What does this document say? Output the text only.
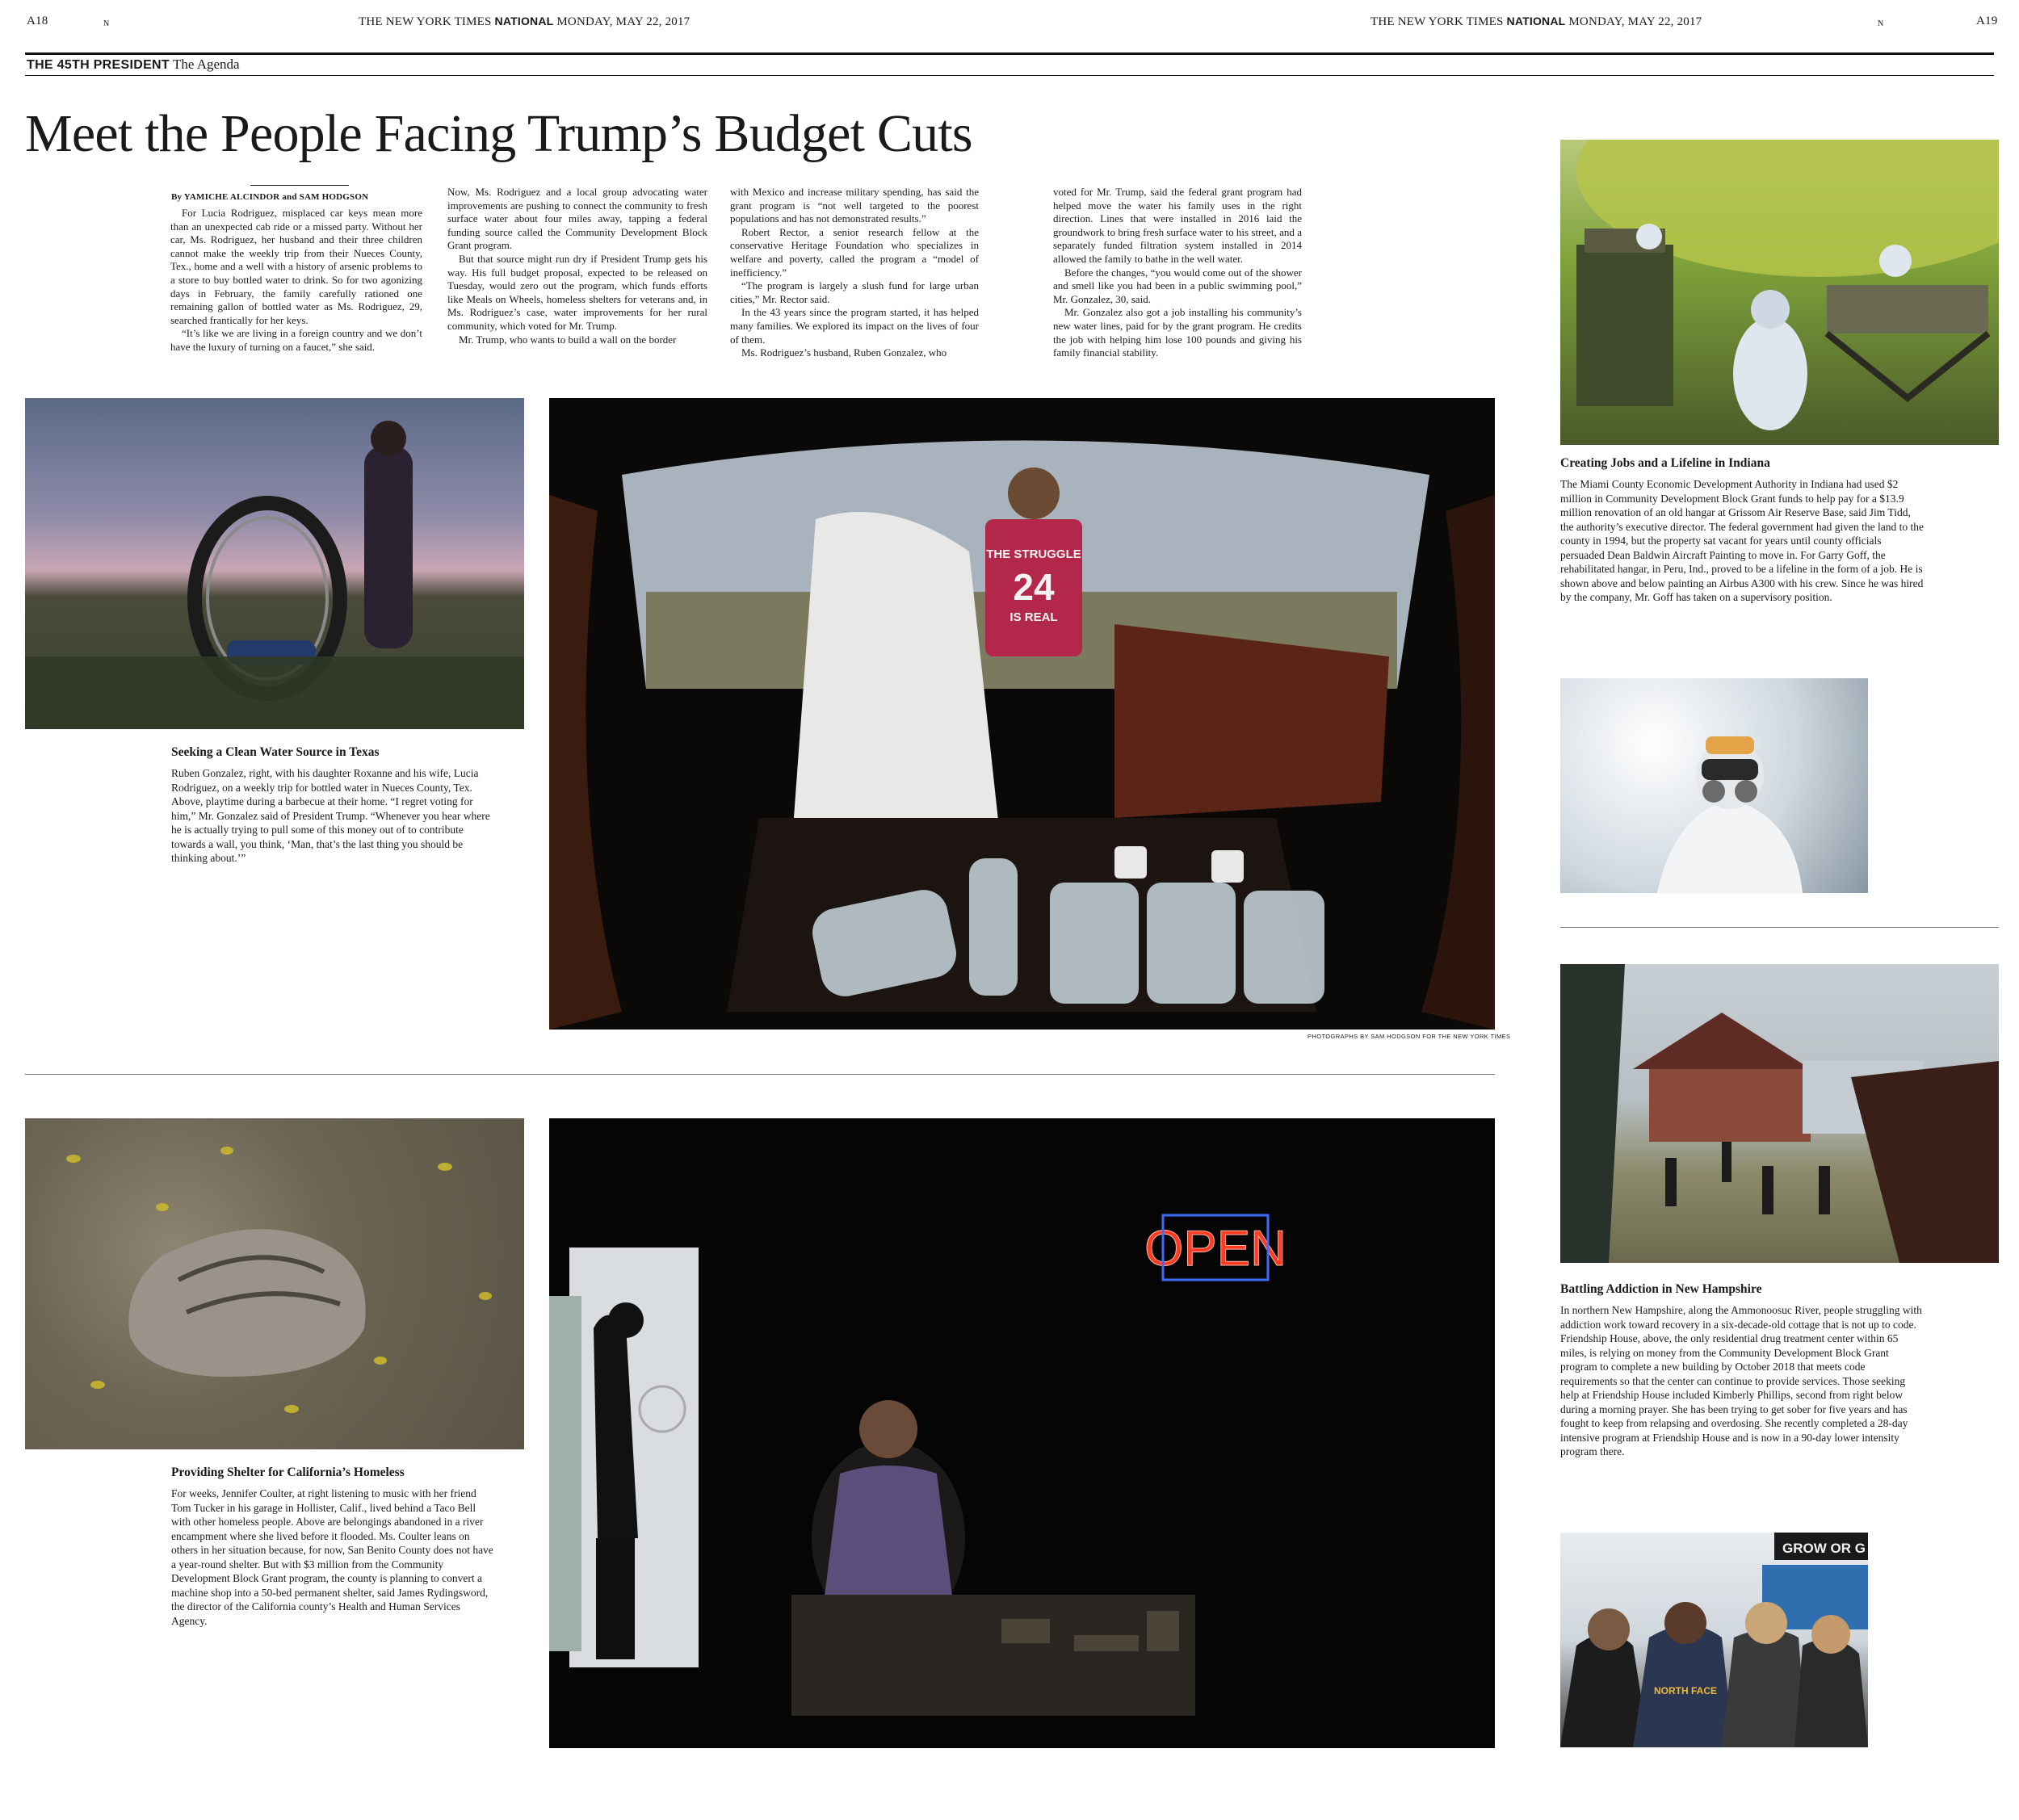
A18	N	THE NEW YORK TIMES NATIONAL MONDAY, MAY 22, 2017	THE NEW YORK TIMES NATIONAL MONDAY, MAY 22, 2017	N	A19
THE 45TH PRESIDENT The Agenda
Meet the People Facing Trump’s Budget Cuts
By YAMICHE ALCINDOR and SAM HODGSON

For Lucia Rodriguez, misplaced car keys mean more than an unexpected cab ride or a missed party. Without her car, Ms. Rodriguez, her husband and their three children cannot make the weekly trip from their Nueces County, Tex., home and a well with a history of arsenic problems to a store to buy bottled water to drink. So for two agonizing days in February, the family carefully rationed one remaining gallon of bottled water as Ms. Rodriguez, 29, searched frantically for her keys.

“It’s like we are living in a foreign country and we don’t have the luxury of turning on a faucet,” she said.

Now, Ms. Rodriguez and a local group advocating water improvements are pushing to connect the community to fresh surface water about four miles away, tapping a federal funding source called the Community Development Block Grant program.

But that source might run dry if President Trump gets his way. His full budget proposal, expected to be released on Tuesday, would zero out the program, which funds efforts like Meals on Wheels, homeless shelters for veterans and, in Ms. Rodriguez’s case, water improvements for her rural community, which voted for Mr. Trump.

Mr. Trump, who wants to build a wall on the border

with Mexico and increase military spending, has said the grant program is “not well targeted to the poorest populations and has not demonstrated results.”

Robert Rector, a senior research fellow at the conservative Heritage Foundation who specializes in welfare and poverty, called the program a “model of inefficiency.”

“The program is largely a slush fund for large urban cities,” Mr. Rector said.

In the 43 years since the program started, it has helped many families. We explored its impact on the lives of four of them.

Ms. Rodriguez’s husband, Ruben Gonzalez, who

voted for Mr. Trump, said the federal grant program had helped move the water his family uses in the right direction. Lines that were installed in 2016 laid the groundwork to bring fresh surface water to his street, and a separately funded filtration system installed in 2014 allowed the family to bathe in the well water.

Before the changes, “you would come out of the shower and smell like you had been in a public swimming pool,” Mr. Gonzalez, 30, said.

Mr. Gonzalez also got a job installing his community’s new water lines, paid for by the grant program. He credits the job with helping him lose 100 pounds and giving his family financial stability.

THE STRUGGLE
24
IS REAL
PHOTOGRAPHS BY SAM HODGSON FOR THE NEW YORK TIMES
Seeking a Clean Water Source in Texas
Ruben Gonzalez, right, with his daughter Roxanne and his wife, Lucia Rodriguez, on a weekly trip for bottled water in Nueces County, Tex. Above, playtime during a barbecue at their home. “I regret voting for him,” Mr. Gonzalez said of President Trump. “Whenever you hear where he is actually trying to pull some of this money out of to contribute towards a wall, you think, ‘Man, that’s the last thing you should be thinking about.’”
OPEN
Providing Shelter for California’s Homeless
For weeks, Jennifer Coulter, at right listening to music with her friend Tom Tucker in his garage in Hollister, Calif., lived behind a Taco Bell with other homeless people. Above are belongings abandoned in a river encampment where she lived before it flooded. Ms. Coulter leans on others in her situation because, for now, San Benito County does not have a year-round shelter. But with $3 million from the Community Development Block Grant program, the county is planning to convert a machine shop into a 50-bed permanent shelter, said James Rydingsword, the director of the California county’s Health and Human Services Agency.
Creating Jobs and a Lifeline in Indiana
The Miami County Economic Development Authority in Indiana had used $2 million in Community Development Block Grant funds to help pay for a $13.9 million renovation of an old hangar at Grissom Air Reserve Base, said Jim Tidd, the authority’s executive director. The federal government had given the land to the county in 1994, but the property sat vacant for years until county officials persuaded Dean Baldwin Aircraft Painting to move in. For Garry Goff, the rehabilitated hangar, in Peru, Ind., proved to be a lifeline in the form of a job. He is shown above and below painting an Airbus A300 with his crew. Since he was hired by the company, Mr. Goff has taken on a supervisory position.
Battling Addiction in New Hampshire
In northern New Hampshire, along the Ammonoosuc River, people struggling with addiction work toward recovery in a six-decade-old cottage that is not up to code. Friendship House, above, the only residential drug treatment center within 65 miles, is relying on money from the Community Development Block Grant program to complete a new building by October 2018 that meets code requirements so that the center can continue to provide services. Those seeking help at Friendship House included Kimberly Phillips, second from right below during a morning prayer. She has been trying to get sober for five years and has fought to keep from relapsing and overdosing. She recently completed a 28-day intensive program at Friendship House and is now in a 90-day lower intensity program there.
GROW OR G
NORTH FACE
